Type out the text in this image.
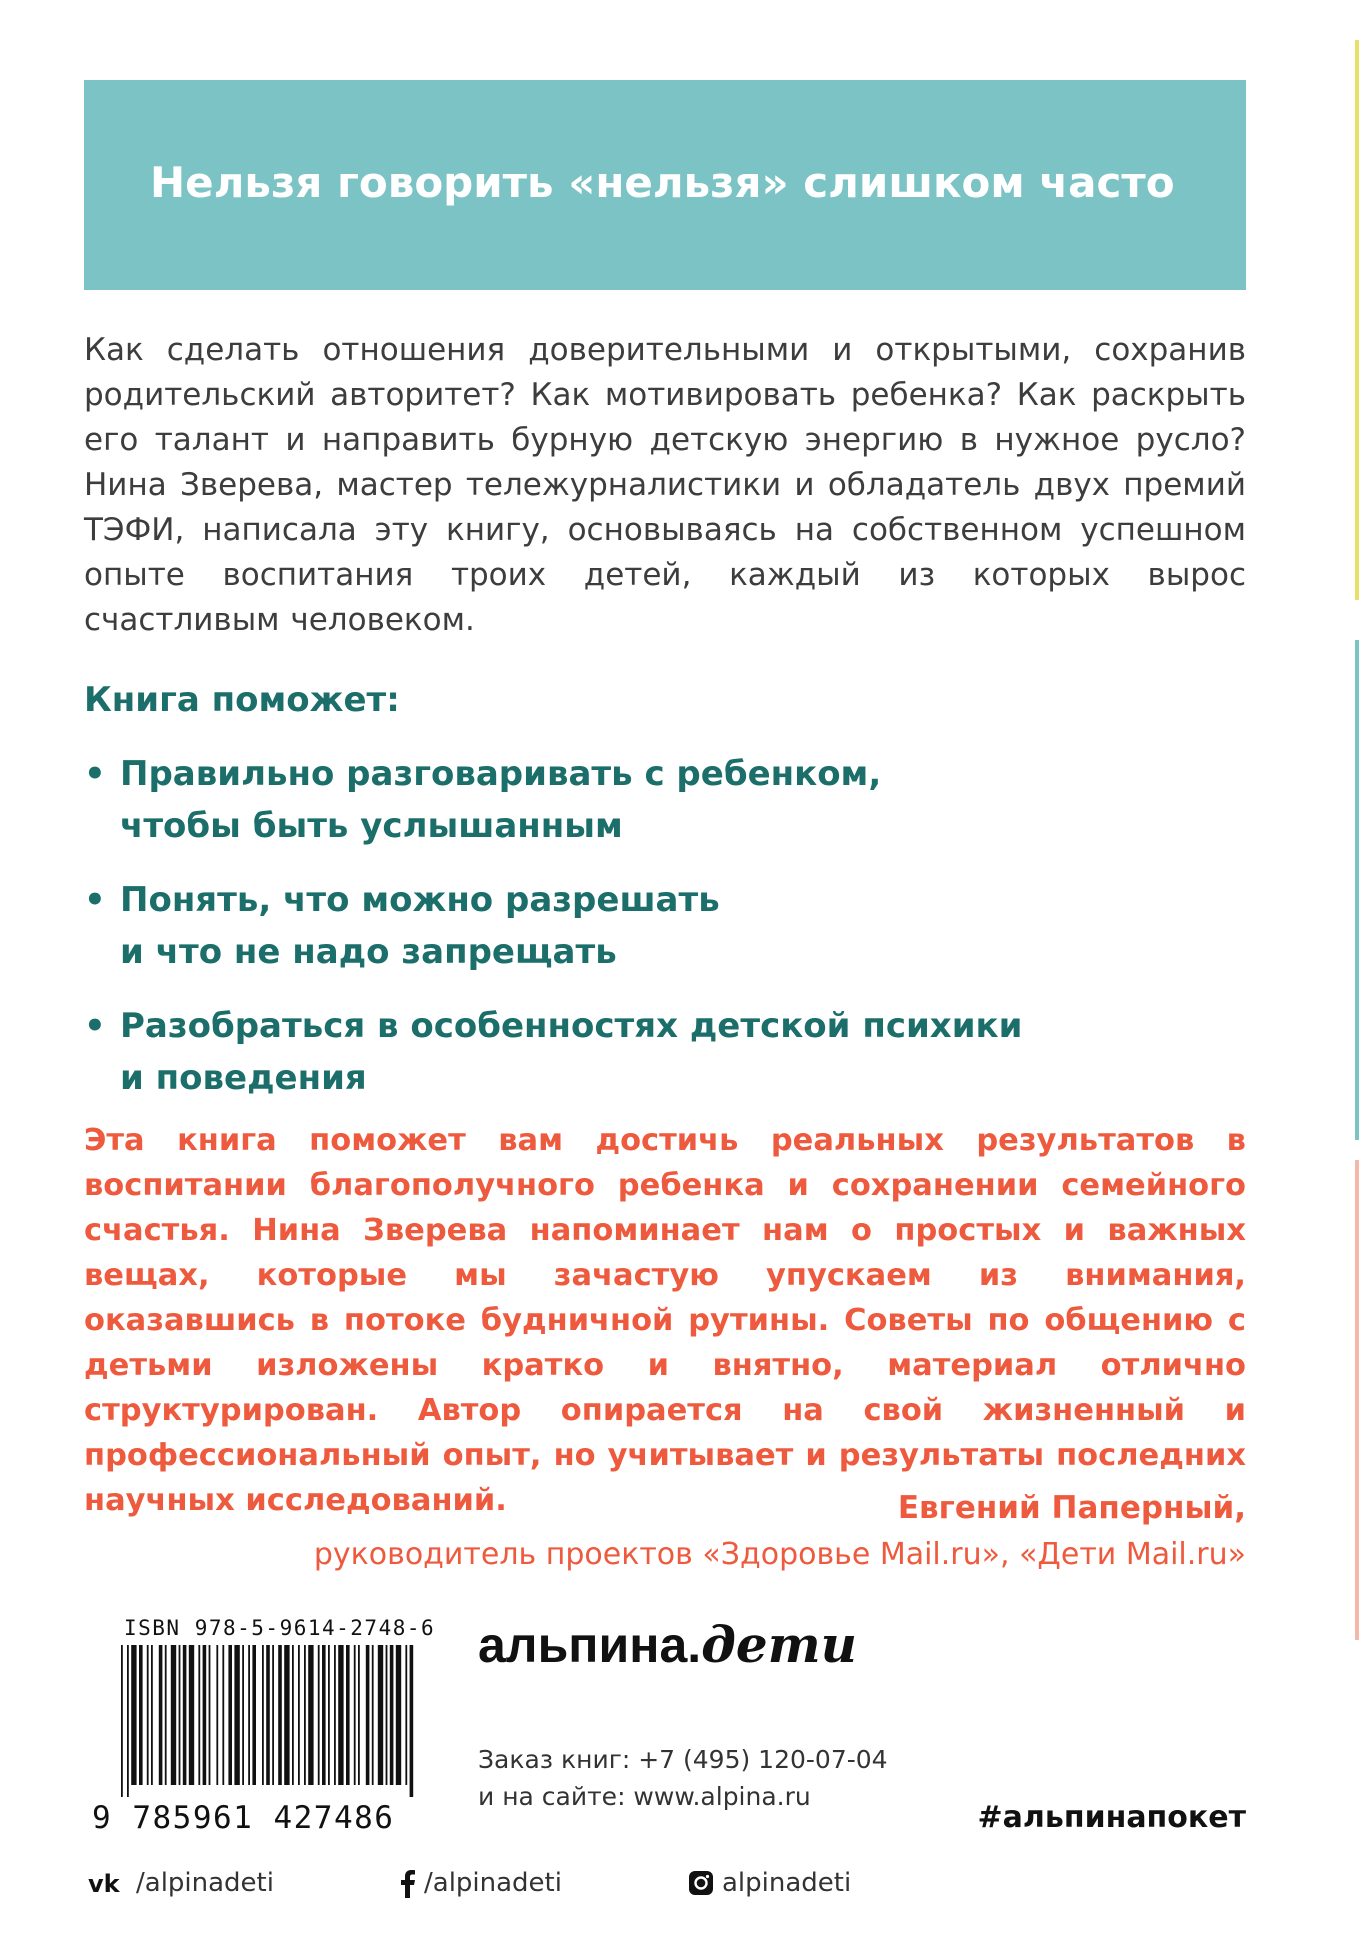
Нельзя говорить «нельзя» слишком часто

Как сделать отношения доверительными и открытыми, сохранив родительский авторитет? Как мотивировать ребенка? Как раскрыть его талант и направить бурную детскую энергию в нужное русло? Нина Зверева, мастер тележурналистики и обладатель двух премий ТЭФИ, написала эту книгу, основываясь на собственном успешном опыте воспитания троих детей, каждый из которых вырос счастливым человеком.

Книга поможет:
• Правильно разговаривать с ребенком,
чтобы быть услышанным
• Понять, что можно разрешать
и что не надо запрещать
• Разобраться в особенностях детской психики
и поведения

Эта книга поможет вам достичь реальных результатов в воспитании благополучного ребенка и сохранении семейного счастья. Нина Зверева напоминает нам о простых и важных вещах, которые мы зачастую упускаем из внимания, оказавшись в потоке будничной рутины. Советы по общению с детьми изложены кратко и внятно, материал отлично структурирован. Автор опирается на свой жизненный и профессиональный опыт, но учитывает и результаты последних научных исследований.	Евгений Паперный,

руководитель проектов «Здоровье Mail.ru», «Дети Mail.ru»

ISBN 978-5-9614-2748-6

9 785961 427486

альпина.дети

Заказ книг: +7 (495) 120-07-04

и на сайте: www.alpina.ru

#альпинапокет

vk /alpinadeti	/alpinadeti	alpinadeti
